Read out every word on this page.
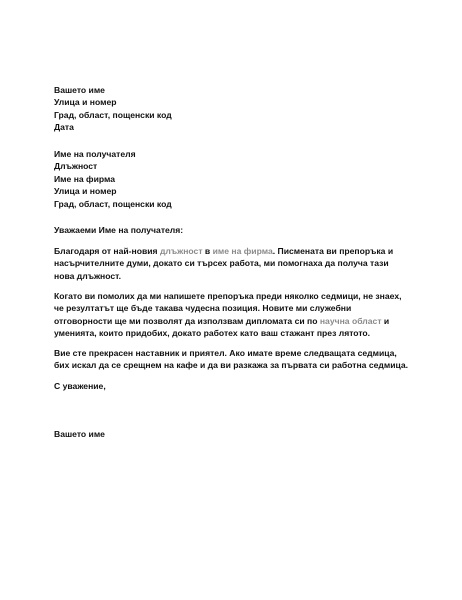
Вашето име
Улица и номер
Град, област, пощенски код
Дата
Име на получателя
Длъжност
Име на фирма
Улица и номер
Град, област, пощенски код
Уважаеми Име на получателя:
Благодаря от най-новия длъжност в име на фирма. Писмената ви препоръка и насърчителните думи, докато си търсех работа, ми помогнаха да получа тази нова длъжност.
Когато ви помолих да ми напишете препоръка преди няколко седмици, не знаех, че резултатът ще бъде такава чудесна позиция. Новите ми служебни отговорности ще ми позволят да използвам дипломата си по научна област и уменията, които придобих, докато работех като ваш стажант през лятото.
Вие сте прекрасен наставник и приятел. Ако имате време следващата седмица, бих искал да се срещнем на кафе и да ви разкажа за първата си работна седмица.
С уважение,
Вашето име
